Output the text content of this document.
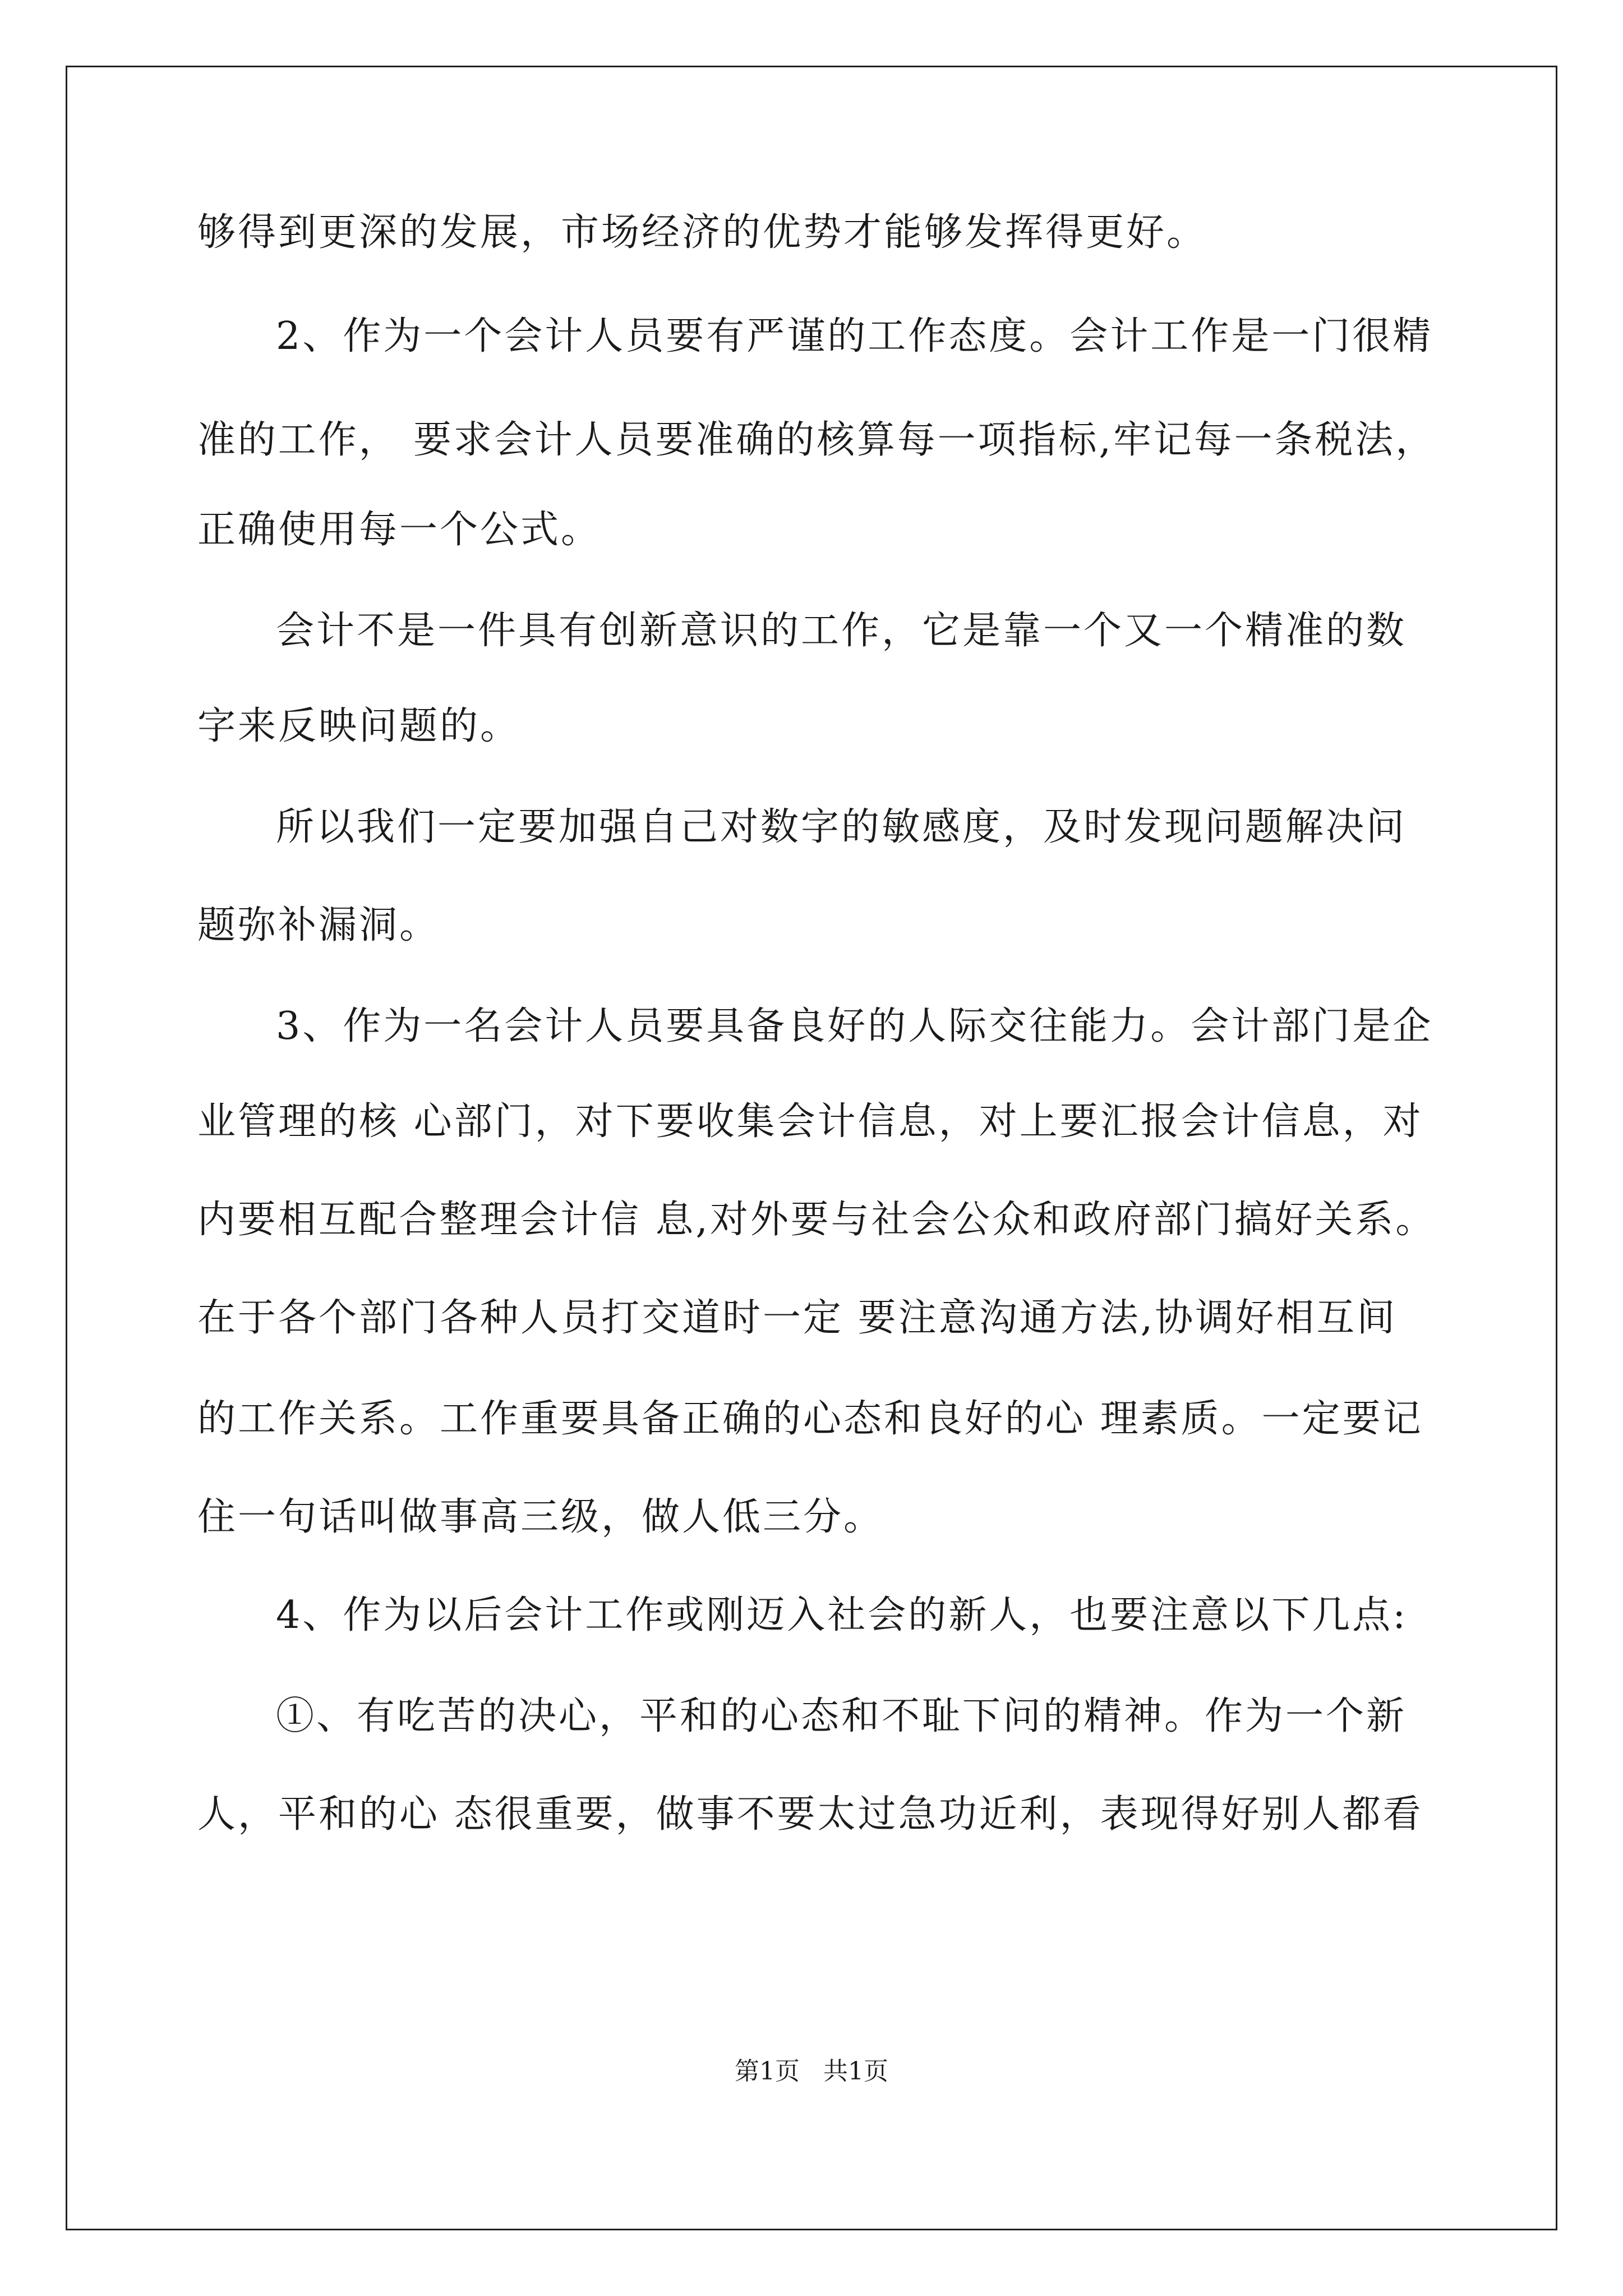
够得到更深的发展，市场经济的优势才能够发挥得更好。
2、作为一个会计人员要有严谨的工作态度。会计工作是一门很精
准的工作， 要求会计人员要准确的核算每一项指标,牢记每一条税法，
正确使用每一个公式。
会计不是一件具有创新意识的工作，它是靠一个又一个精准的数
字来反映问题的。
所以我们一定要加强自己对数字的敏感度，及时发现问题解决问
题弥补漏洞。
3、作为一名会计人员要具备良好的人际交往能力。会计部门是企
业管理的核 心部门，对下要收集会计信息，对上要汇报会计信息，对
内要相互配合整理会计信 息,对外要与社会公众和政府部门搞好关系。
在于各个部门各种人员打交道时一定 要注意沟通方法,协调好相互间
的工作关系。工作重要具备正确的心态和良好的心 理素质。一定要记
住一句话叫做事高三级，做人低三分。
4、作为以后会计工作或刚迈入社会的新人，也要注意以下几点:
①、有吃苦的决心，平和的心态和不耻下问的精神。作为一个新
人，平和的心 态很重要，做事不要太过急功近利，表现得好别人都看
第1页   共1页
